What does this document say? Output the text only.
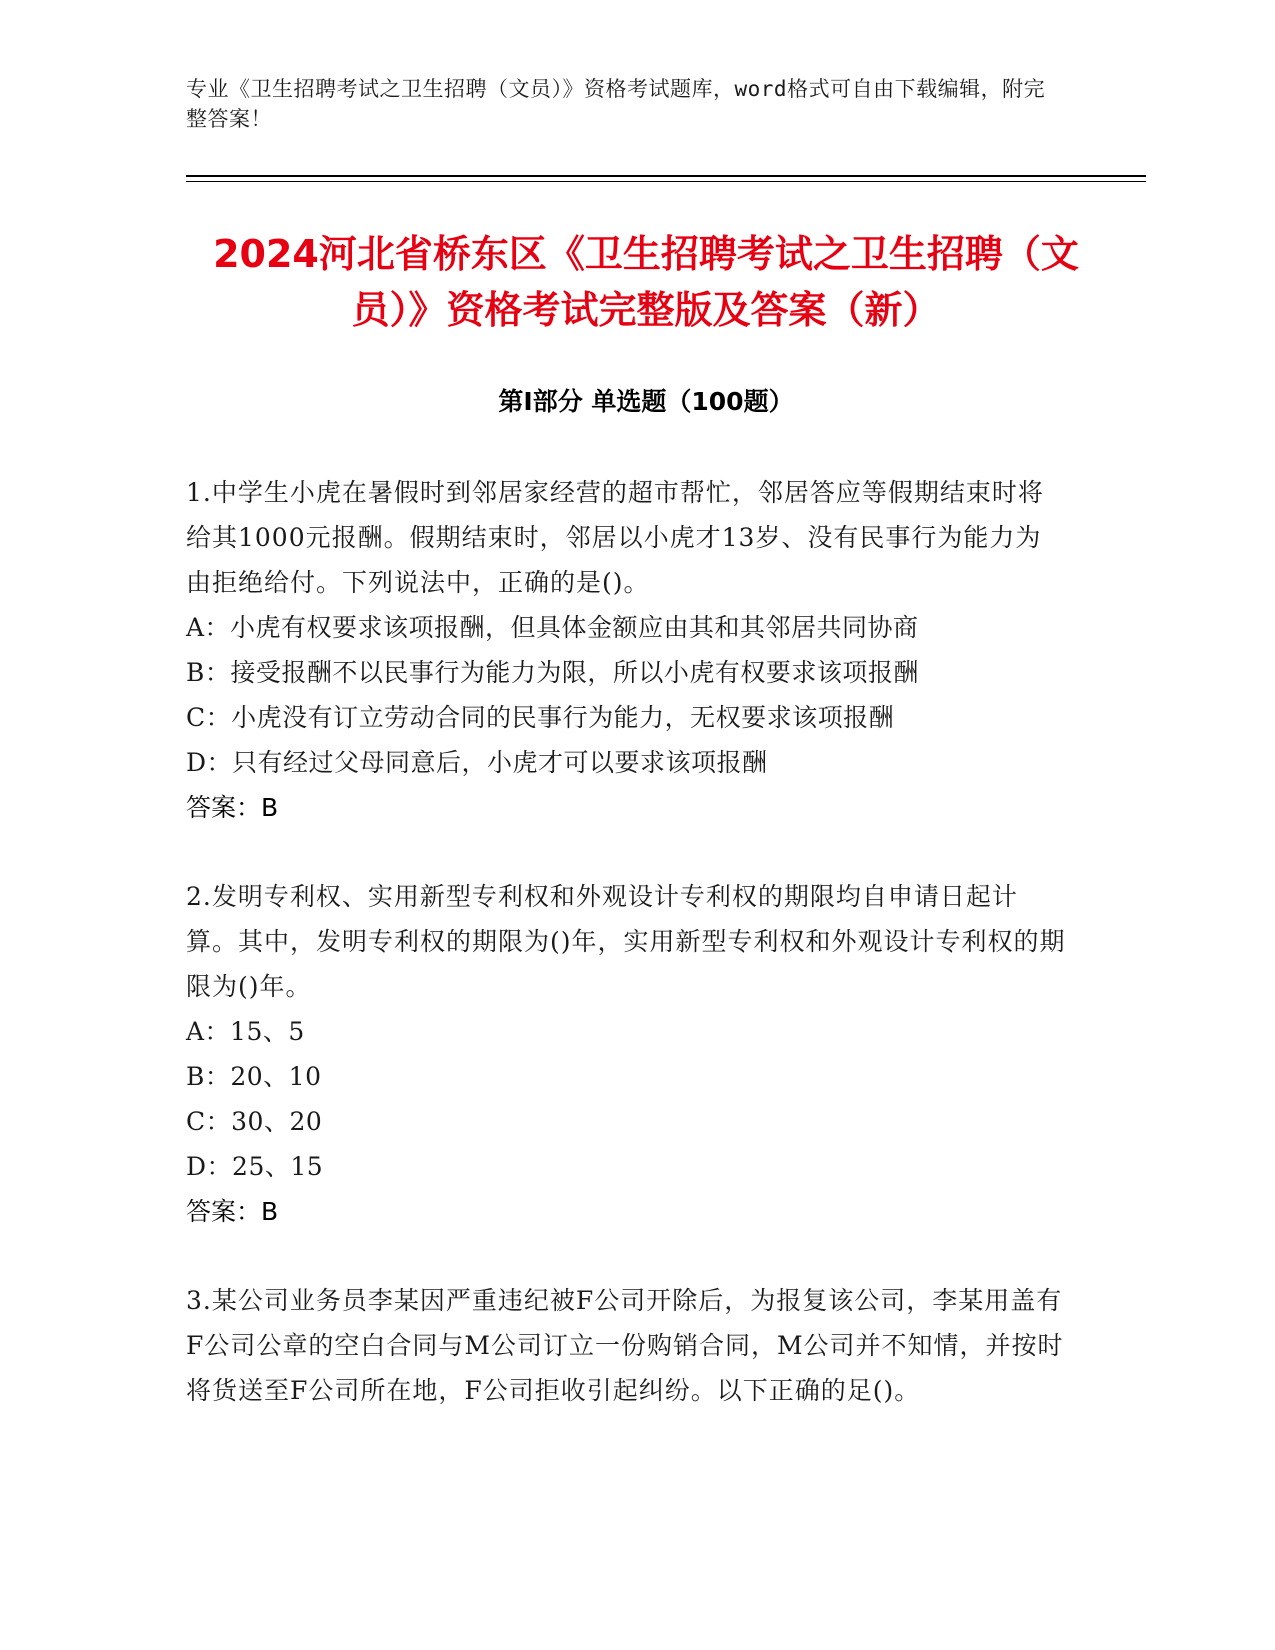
专业《卫生招聘考试之卫生招聘（文员）》资格考试题库，word格式可自由下载编辑，附完整答案！
2024河北省桥东区《卫生招聘考试之卫生招聘（文员）》资格考试完整版及答案（新）
第Ⅰ部分 单选题（100题）

1.中学生小虎在暑假时到邻居家经营的超市帮忙，邻居答应等假期结束时将给其1000元报酬。假期结束时，邻居以小虎才13岁、没有民事行为能力为由拒绝给付。下列说法中，正确的是()。

A：小虎有权要求该项报酬，但具体金额应由其和其邻居共同协商

B：接受报酬不以民事行为能力为限，所以小虎有权要求该项报酬

C：小虎没有订立劳动合同的民事行为能力，无权要求该项报酬

D：只有经过父母同意后，小虎才可以要求该项报酬

答案：B

2.发明专利权、实用新型专利权和外观设计专利权的期限均自申请日起计算。其中，发明专利权的期限为()年，实用新型专利权和外观设计专利权的期限为()年。

A：15、5

B：20、10

C：30、20

D：25、15

答案：B

3.某公司业务员李某因严重违纪被F公司开除后，为报复该公司，李某用盖有F公司公章的空白合同与M公司订立一份购销合同，M公司并不知情，并按时将货送至F公司所在地，F公司拒收引起纠纷。以下正确的足()。
